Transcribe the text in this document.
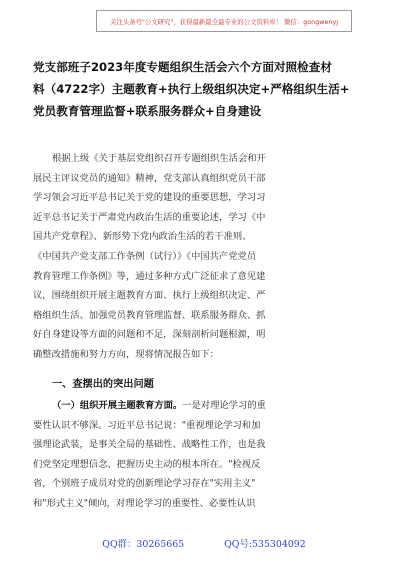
关注头条号"公文研究"，获得最新最全最专业的公文资料库！ 微信：gongwenyj
党支部班子2023年度专题组织生活会六个方面对照检查材
料（4722字）主题教育+执行上级组织决定+严格组织生活+
党员教育管理监督+联系服务群众+自身建设
根据上级《关于基层党组织召开专题组织生活会和开
展民主评议党员的通知》精神，党支部认真组织党员干部
学习领会习近平总书记关于党的建设的重要思想，学习习
近平总书记关于严肃党内政治生活的重要论述，学习《中
国共产党章程》、新形势下党内政治生活的若干准则、
《中国共产党支部工作条例（试行）》《中国共产党党员
教育管理工作条例》等，通过多种方式广泛征求了意见建
议，围绕组织开展主题教育方面、执行上级组织决定、严
格组织生活、加强党员教育管理监督、联系服务群众、抓
好自身建设等方面的问题和不足，深刻剖析问题根源，明
确整改措施和努力方向，现将情况报告如下：
一、查摆出的突出问题
（一）组织开展主题教育方面。一是对理论学习的重
要性认识不够深。习近平总书记说："重视理论学习和加
强理论武装，是事关全局的基础性、战略性工作，也是我
们党坚定理想信念、把握历史主动的根本所在。"检视反
省，个别班子成员对党的创新理论学习存在"实用主义"
和"形式主义"倾向，对理论学习的重要性、必要性认识
QQ群：30265665	QQ号:535304092
